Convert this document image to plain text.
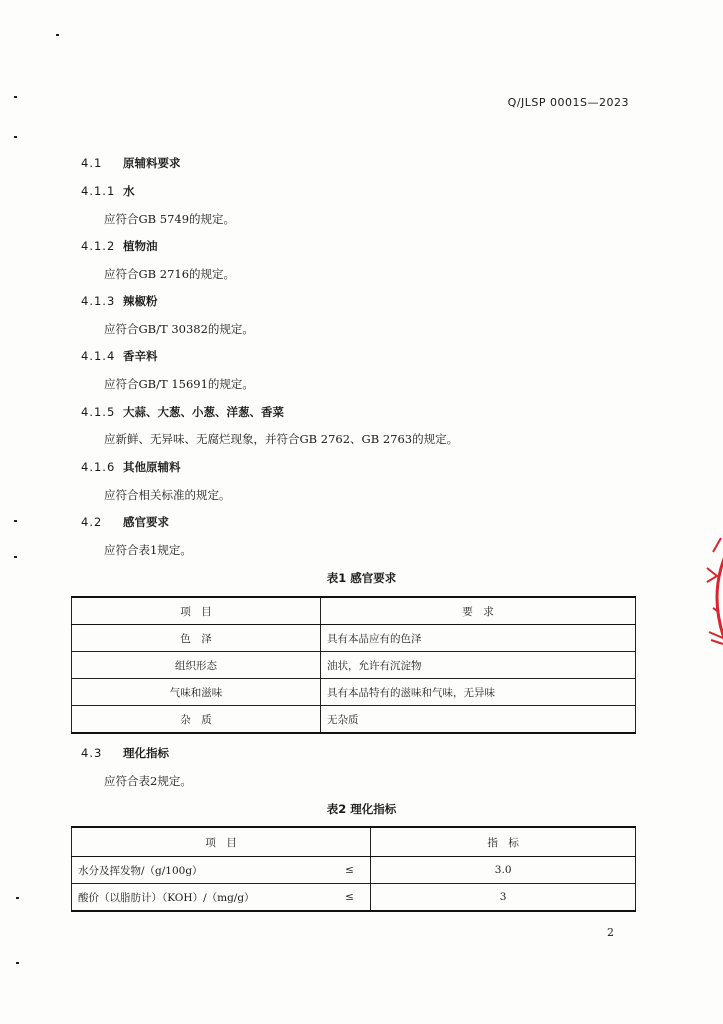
Q/JLSP 0001S—2023
4.1 原辅料要求
4.1.1 水
应符合GB 5749的规定。
4.1.2 植物油
应符合GB 2716的规定。
4.1.3 辣椒粉
应符合GB/T 30382的规定。
4.1.4 香辛料
应符合GB/T 15691的规定。
4.1.5 大蒜、大葱、小葱、洋葱、香菜
应新鲜、无异味、无腐烂现象，并符合GB 2762、GB 2763的规定。
4.1.6 其他原辅料
应符合相关标准的规定。
4.2 感官要求
应符合表1规定。
表1 感官要求
项　目	要　求
色　泽	具有本品应有的色泽
组织形态	油状，允许有沉淀物
气味和滋味	具有本品特有的滋味和气味，无异味
杂　质	无杂质
4.3 理化指标
应符合表2规定。
表2 理化指标
项　目		指　标
水分及挥发物/（g/100g）	≤	3.0
酸价（以脂肪计）（KOH）/（mg/g）	≤	3
2
